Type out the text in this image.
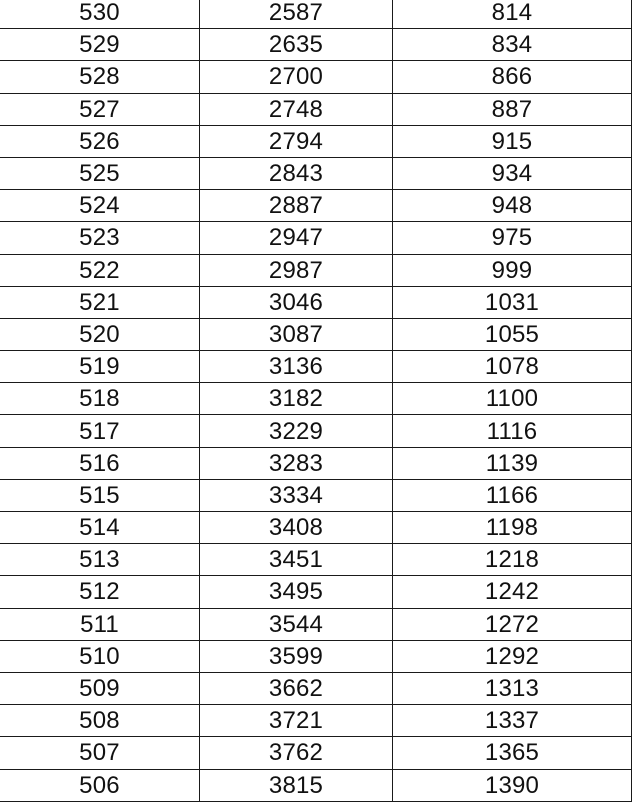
530	2587	814
529	2635	834
528	2700	866
527	2748	887
526	2794	915
525	2843	934
524	2887	948
523	2947	975
522	2987	999
521	3046	1031
520	3087	1055
519	3136	1078
518	3182	1100
517	3229	1116
516	3283	1139
515	3334	1166
514	3408	1198
513	3451	1218
512	3495	1242
511	3544	1272
510	3599	1292
509	3662	1313
508	3721	1337
507	3762	1365
506	3815	1390
